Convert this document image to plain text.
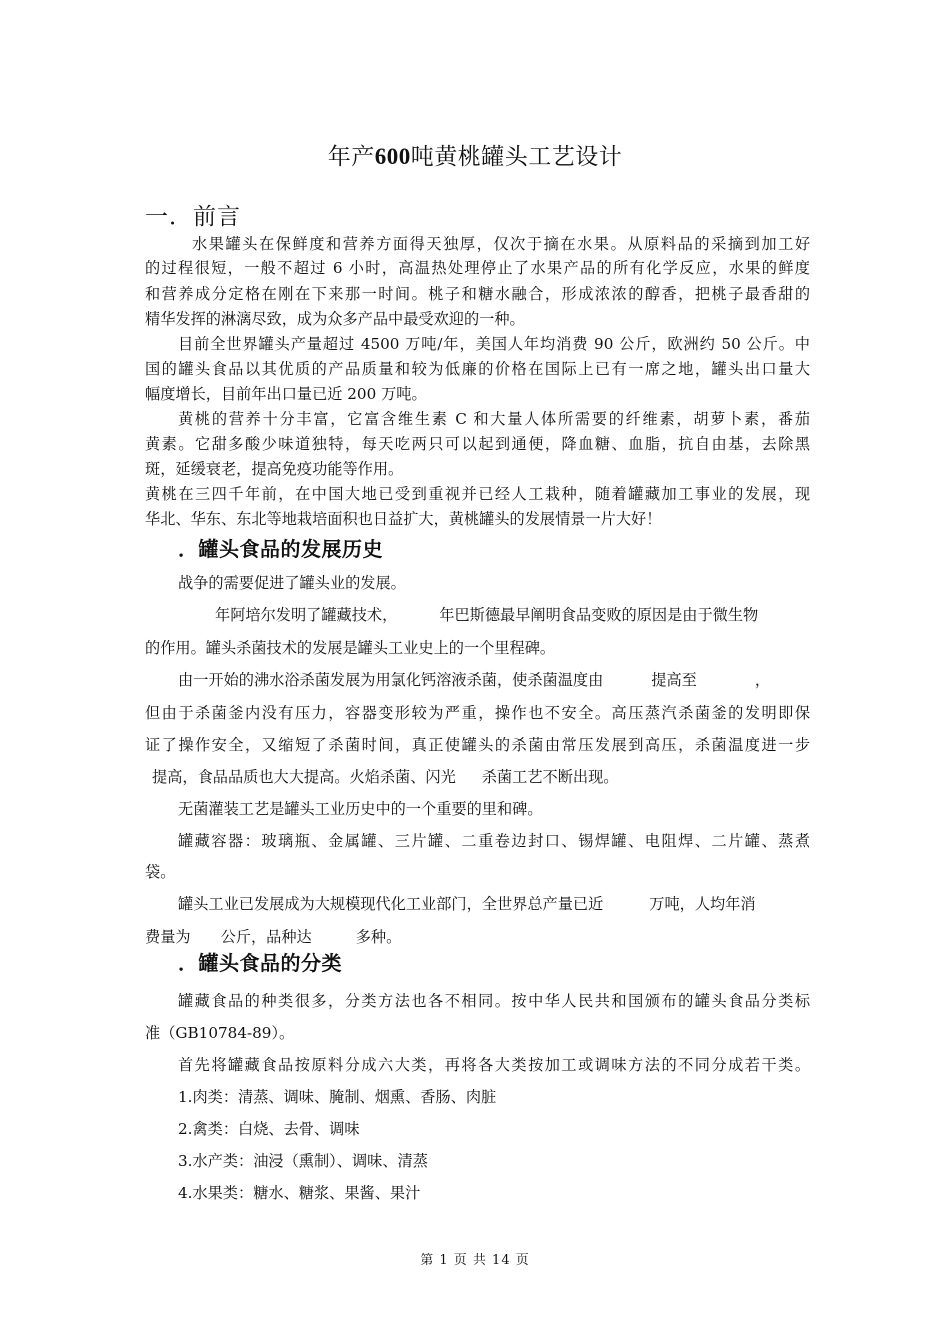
年产600吨黄桃罐头工艺设计
一．前言
水果罐头在保鲜度和营养方面得天独厚，仅次于摘在水果。从原料品的采摘到加工好
的过程很短，一般不超过 6 小时，高温热处理停止了水果产品的所有化学反应，水果的鲜度
和营养成分定格在刚在下来那一时间。桃子和糖水融合，形成浓浓的醇香，把桃子最香甜的
精华发挥的淋漓尽致，成为众多产品中最受欢迎的一种。
目前全世界罐头产量超过 4500 万吨/年，美国人年均消费 90 公斤，欧洲约 50 公斤。中
国的罐头食品以其优质的产品质量和较为低廉的价格在国际上已有一席之地，罐头出口量大
幅度增长，目前年出口量已近 200 万吨。
黄桃的营养十分丰富，它富含维生素 C 和大量人体所需要的纤维素，胡萝卜素，番茄
黄素。它甜多酸少味道独特，每天吃两只可以起到通便，降血糖、血脂，抗自由基，去除黑
斑，延缓衰老，提高免疫功能等作用。
黄桃在三四千年前，在中国大地已受到重视并已经人工栽种，随着罐藏加工事业的发展，现
华北、华东、东北等地栽培面积也日益扩大，黄桃罐头的发展情景一片大好！
．罐头食品的发展历史
战争的需要促进了罐头业的发展。
年阿培尔发明了罐藏技术，	年巴斯德最早阐明食品变败的原因是由于微生物
的作用。罐头杀菌技术的发展是罐头工业史上的一个里程碑。
由一开始的沸水浴杀菌发展为用氯化钙溶液杀菌，使杀菌温度由	提高至	，
但由于杀菌釜内没有压力，容器变形较为严重，操作也不安全。高压蒸汽杀菌釜的发明即保
证了操作安全，又缩短了杀菌时间，真正使罐头的杀菌由常压发展到高压，杀菌温度进一步
提高，食品品质也大大提高。火焰杀菌、闪光 杀菌工艺不断出现。
无菌灌装工艺是罐头工业历史中的一个重要的里和碑。
罐藏容器：玻璃瓶、金属罐、三片罐、二重卷边封口、锡焊罐、电阻焊、二片罐、蒸煮
袋。
罐头工业已发展成为大规模现代化工业部门，全世界总产量已近	万吨，人均年消
费量为 公斤，品种达	多种。
．罐头食品的分类
罐藏食品的种类很多，分类方法也各不相同。按中华人民共和国颁布的罐头食品分类标
准（GB10784-89）。
首先将罐藏食品按原料分成六大类，再将各大类按加工或调味方法的不同分成若干类。
1.肉类：清蒸、调味、腌制、烟熏、香肠、肉脏
2.禽类：白烧、去骨、调味
3.水产类：油浸（熏制）、调味、清蒸
4.水果类：糖水、糖浆、果酱、果汁
第 1 页 共 14 页
